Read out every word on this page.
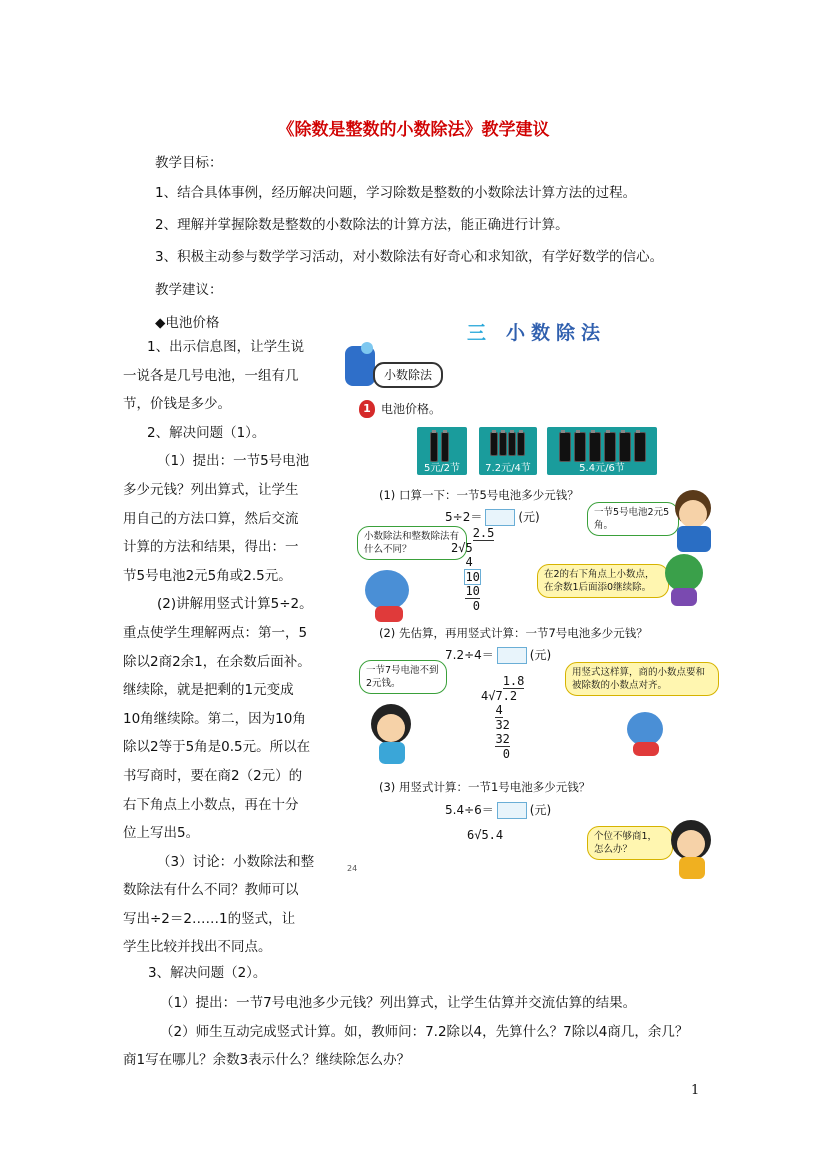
《除数是整数的小数除法》教学建议
教学目标：
1、结合具体事例，经历解决问题，学习除数是整数的小数除法计算方法的过程。
2、理解并掌握除数是整数的小数除法的计算方法，能正确进行计算。
3、积极主动参与数学学习活动，对小数除法有好奇心和求知欲，有学好数学的信心。
教学建议：
◆电池价格
1、出示信息图，让学生说
一说各是几号电池，一组有几
节，价钱是多少。
2、解决问题（1）。
（1）提出：一节5号电池
多少元钱？列出算式，让学生
用自己的方法口算，然后交流
计算的方法和结果，得出：一
节5号电池2元5角或2.5元。
(2)讲解用竖式计算5÷2。
重点使学生理解两点：第一，5
除以2商2余1，在余数后面补。
继续除，就是把剩的1元变成
10角继续除。第二，因为10角
除以2等于5角是0.5元。所以在
书写商时，要在商2（2元）的
右下角点上小数点，再在十分
位上写出5。
（3）讨论：小数除法和整
数除法有什么不同？教师可以
写出÷2＝2……1的竖式，让
学生比较并找出不同点。
3、解决问题（2）。
（1）提出：一节7号电池多少元钱？列出算式，让学生估算并交流估算的结果。
（2）师生互动完成竖式计算。如，教师问：7.2除以4，先算什么？7除以4商几，余几？
商1写在哪儿？余数3表示什么？继续除怎么办？
1
三 小数除法
小数除法
1 电池价格。
5元/2节	7.2元/4节	5.4元/6节
(1) 口算一下：一节5号电池多少元钱？
5÷2＝	(元)	一节5号电池2元5角。
小数除法和整数除法有什么不同？
2.5
2√5
4
10
10
0
在2的右下角点上小数点，在余数1后面添0继续除。
(2) 先估算，再用竖式计算：一节7号电池多少元钱？
7.2÷4＝	(元)
一节7号电池不到2元钱。	1.8
4√7.2
4
32
32
0
用竖式这样算，商的小数点要和被除数的小数点对齐。
(3) 用竖式计算：一节1号电池多少元钱？
5.4÷6＝	(元)
6√5.4	个位不够商1，怎么办？
24
